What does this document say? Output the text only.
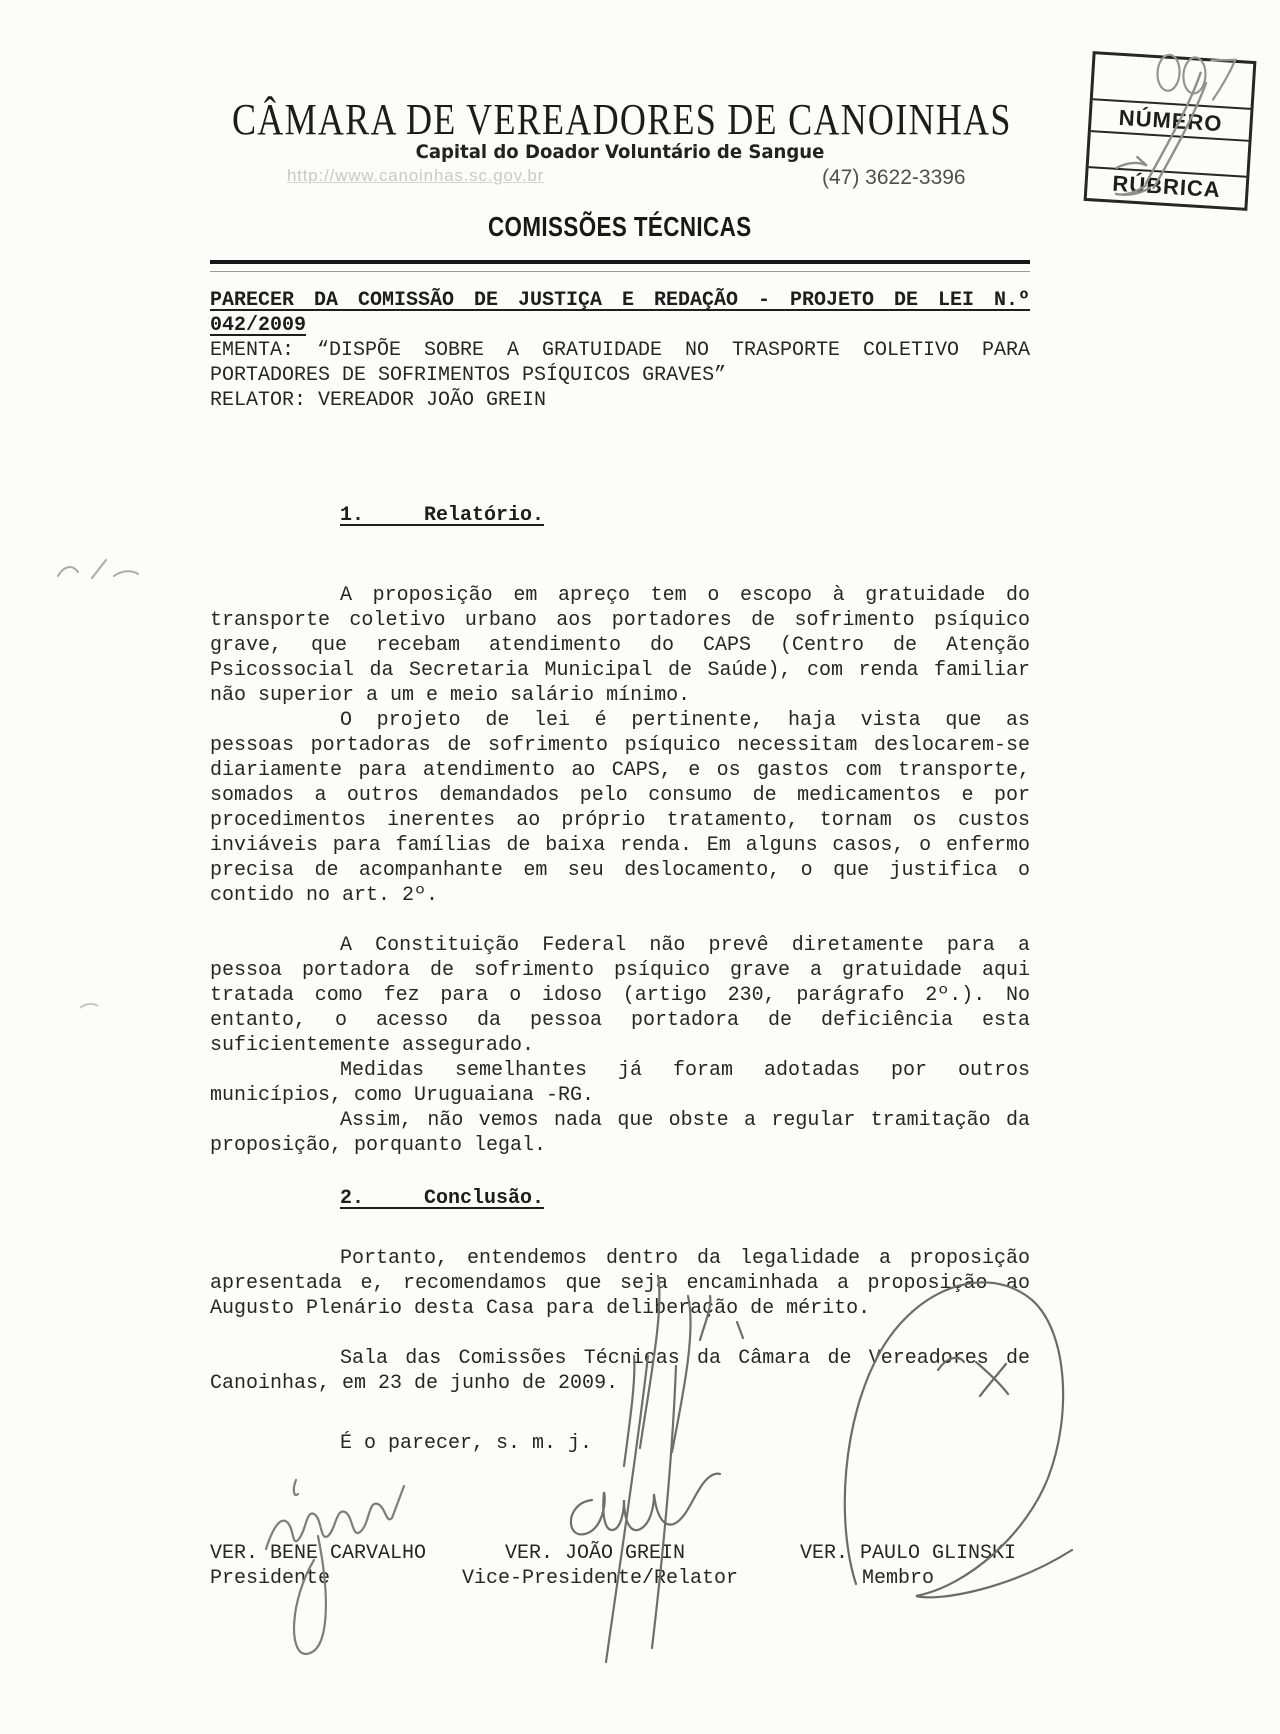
CÂMARA DE VEREADORES DE CANOINHAS
Capital do Doador Voluntário de Sangue
http://www.canoinhas.sc.gov.br	(47) 3622-3396
COMISSÕES TÉCNICAS
NÚMERO
RÚBRICA
PARECER DA COMISSÃO DE JUSTIÇA E REDAÇÃO - PROJETO DE LEI N.º
042/2009
EMENTA: “DISPÕE SOBRE A GRATUIDADE NO TRASPORTE COLETIVO PARA
PORTADORES DE SOFRIMENTOS PSÍQUICOS GRAVES”
RELATOR: VEREADOR JOÃO GREIN
1.     Relatório.
A proposição em apreço tem o escopo à gratuidade do
transporte coletivo urbano aos portadores de sofrimento psíquico
grave, que recebam atendimento do CAPS (Centro de Atenção
Psicossocial da Secretaria Municipal de Saúde), com renda familiar
não superior a um e meio salário mínimo.
O projeto de lei é pertinente, haja vista que as
pessoas portadoras de sofrimento psíquico necessitam deslocarem-se
diariamente para atendimento ao CAPS, e os gastos com transporte,
somados a outros demandados pelo consumo de medicamentos e por
procedimentos inerentes ao próprio tratamento, tornam os custos
inviáveis para famílias de baixa renda. Em alguns casos, o enfermo
precisa de acompanhante em seu deslocamento, o que justifica o
contido no art. 2º.
A Constituição Federal não prevê diretamente para a
pessoa portadora de sofrimento psíquico grave a gratuidade aqui
tratada como fez para o idoso (artigo 230, parágrafo 2º.). No
entanto, o acesso da pessoa portadora de deficiência esta
suficientemente assegurado.
Medidas semelhantes já foram adotadas por outros
municípios, como Uruguaiana -RG.
Assim, não vemos nada que obste a regular tramitação da
proposição, porquanto legal.
2.     Conclusão.
Portanto, entendemos dentro da legalidade a proposição
apresentada e, recomendamos que seja encaminhada a proposição ao
Augusto Plenário desta Casa para deliberação de mérito.
Sala das Comissões Técnicas da Câmara de Vereadores de
Canoinhas, em 23 de junho de 2009.
É o parecer, s. m. j.
VER. BENE CARVALHO
Presidente
VER. JOÃO GREIN
Vice-Presidente/Relator
VER. PAULO GLINSKI
Membro
